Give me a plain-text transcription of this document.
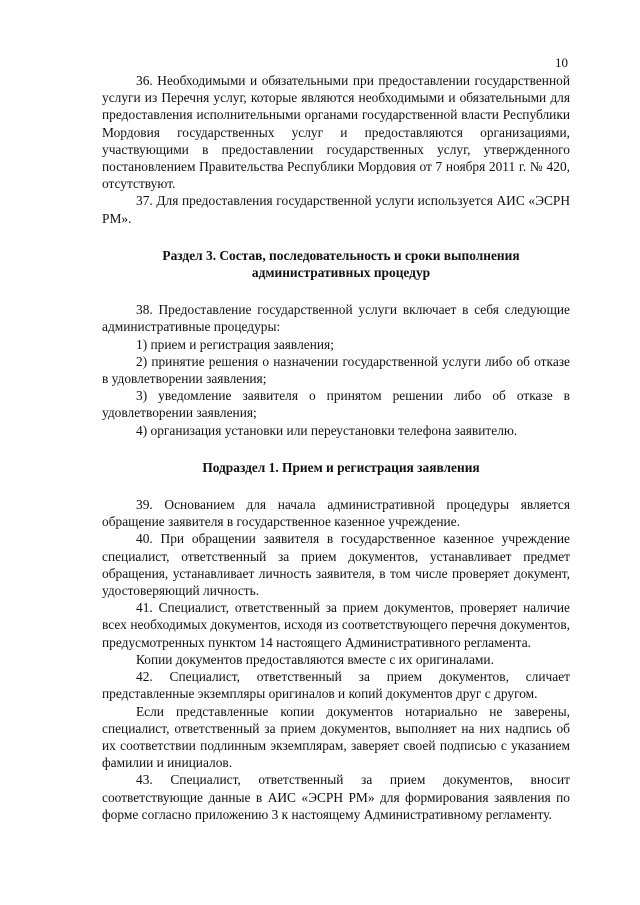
10

36. Необходимыми и обязательными при предоставлении государственной услуги из Перечня услуг, которые являются необходимыми и обязательными для предоставления исполнительными органами государственной власти Республики Мордовия государственных услуг и предоставляются организациями, участвующими в предоставлении государственных услуг, утвержденного постановлением Правительства Республики Мордовия от 7 ноября 2011 г. № 420, отсутствуют.

37. Для предоставления государственной услуги используется АИС «ЭСРН РМ».

Раздел 3. Состав, последовательность и сроки выполнения административных процедур

38. Предоставление государственной услуги включает в себя следующие административные процедуры:

1) прием и регистрация заявления;

2) принятие решения о назначении государственной услуги либо об отказе в удовлетворении заявления;

3) уведомление заявителя о принятом решении либо об отказе в удовлетворении заявления;

4) организация установки или переустановки телефона заявителю.

Подраздел 1. Прием и регистрация заявления

39. Основанием для начала административной процедуры является обращение заявителя в государственное казенное учреждение.

40. При обращении заявителя в государственное казенное учреждение специалист, ответственный за прием документов, устанавливает предмет обращения, устанавливает личность заявителя, в том числе проверяет документ, удостоверяющий личность.

41. Специалист, ответственный за прием документов, проверяет наличие всех необходимых документов, исходя из соответствующего перечня документов, предусмотренных пунктом 14 настоящего Административного регламента.

Копии документов предоставляются вместе с их оригиналами.

42. Специалист, ответственный за прием документов, сличает представленные экземпляры оригиналов и копий документов друг с другом.

Если представленные копии документов нотариально не заверены, специалист, ответственный за прием документов, выполняет на них надпись об их соответствии подлинным экземплярам, заверяет своей подписью с указанием фамилии и инициалов.

43. Специалист, ответственный за прием документов, вносит соответствующие данные в АИС «ЭСРН РМ» для формирования заявления по форме согласно приложению 3 к настоящему Административному регламенту.
